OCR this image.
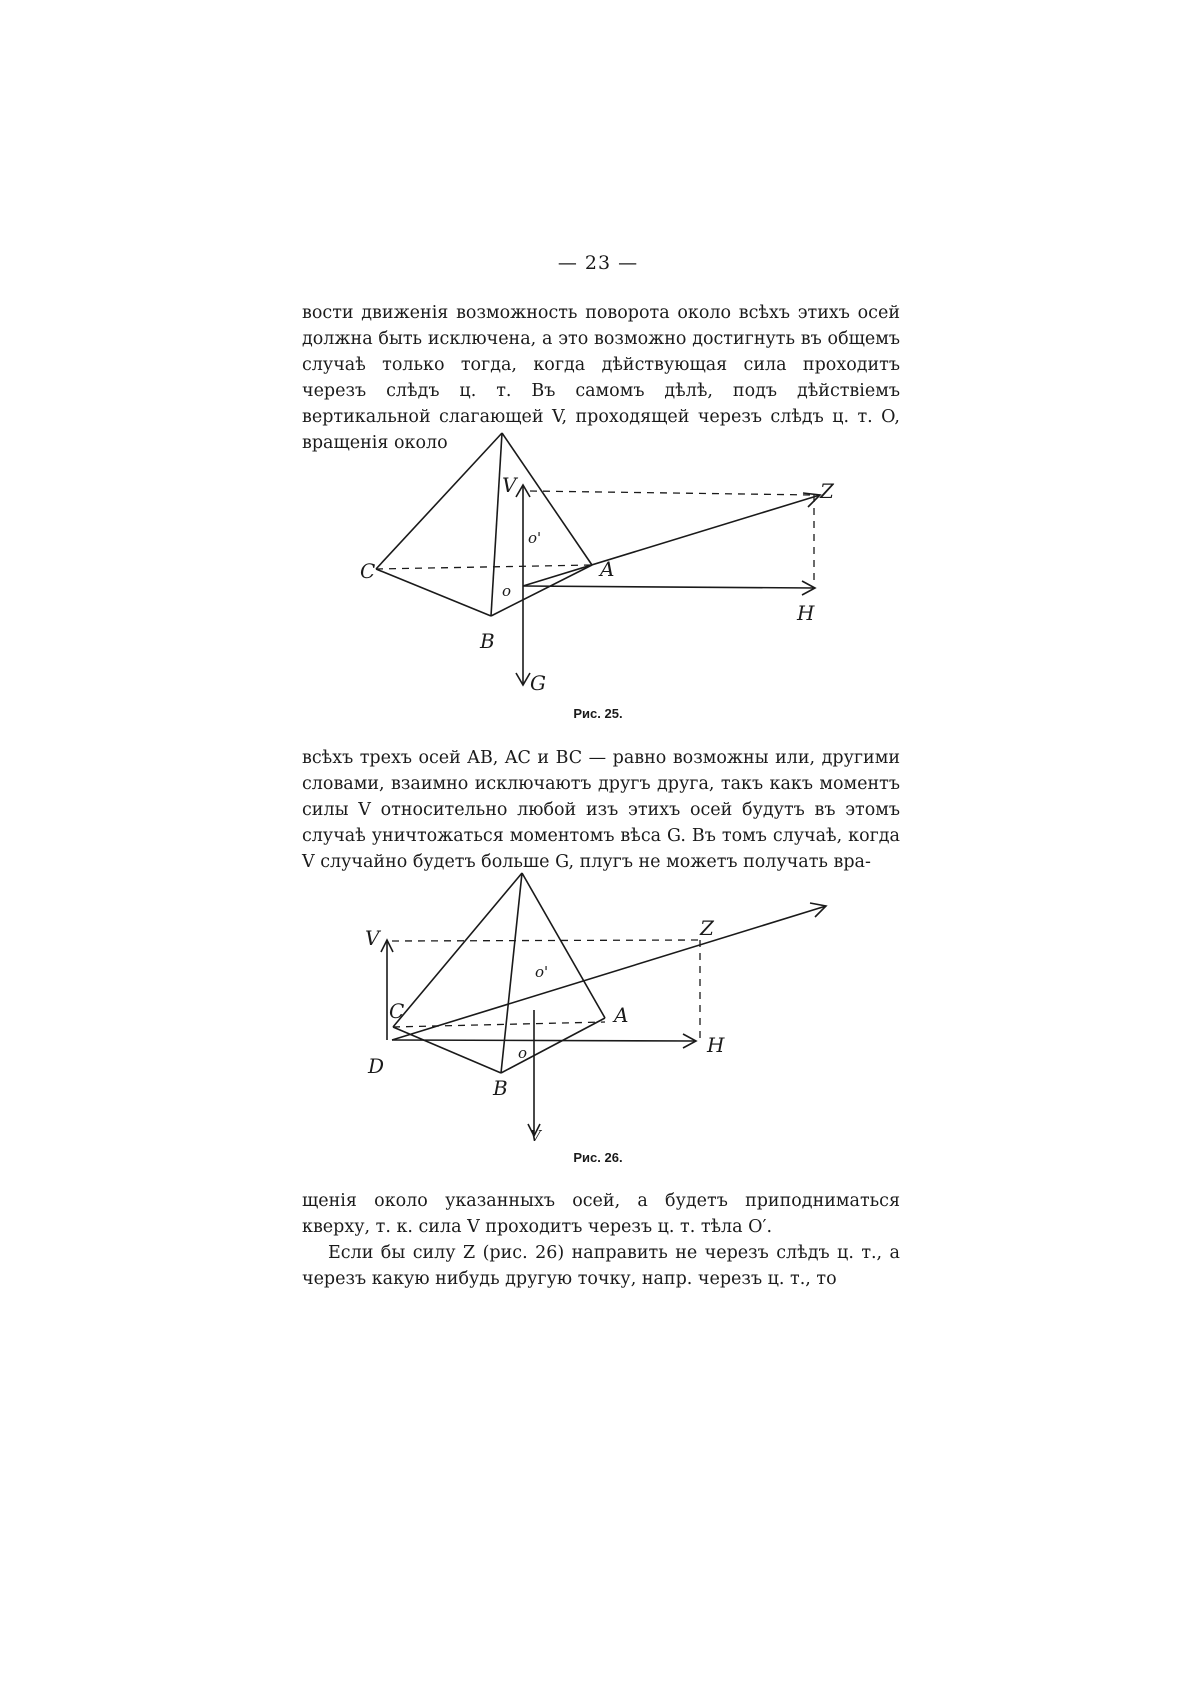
— 23 —

вости движенія возможность поворота около всѣхъ этихъ осей должна быть исключена, а это возможно достигнуть въ общемъ случаѣ только тогда, когда дѣйствующая сила проходитъ черезъ слѣдъ ц. т. Въ самомъ дѣлѣ, подъ дѣйствіемъ вертикальной слагающей V, проходящей черезъ слѣдъ ц. т. O, вращенія около

V	Z
C	A
o
o'
B
H
G
Рис. 25.

всѣхъ трехъ осей AB, AC и BC — равно возможны или, другими словами, взаимно исключаютъ другъ друга, такъ какъ моментъ силы V относительно любой изъ этихъ осей будутъ въ этомъ случаѣ уничтожаться моментомъ вѣса G. Въ томъ случаѣ, когда V случайно будетъ больше G, плугъ не можетъ получать вра-

V	Z
C	A
o
o'
B
H
D
V
Рис. 26.

щенія около указанныхъ осей, а будетъ приподниматься кверху, т. к. сила V проходитъ черезъ ц. т. тѣла O′.

Если бы силу Z (рис. 26) направить не черезъ слѣдъ ц. т., а черезъ какую нибудь другую точку, напр. черезъ ц. т., то
